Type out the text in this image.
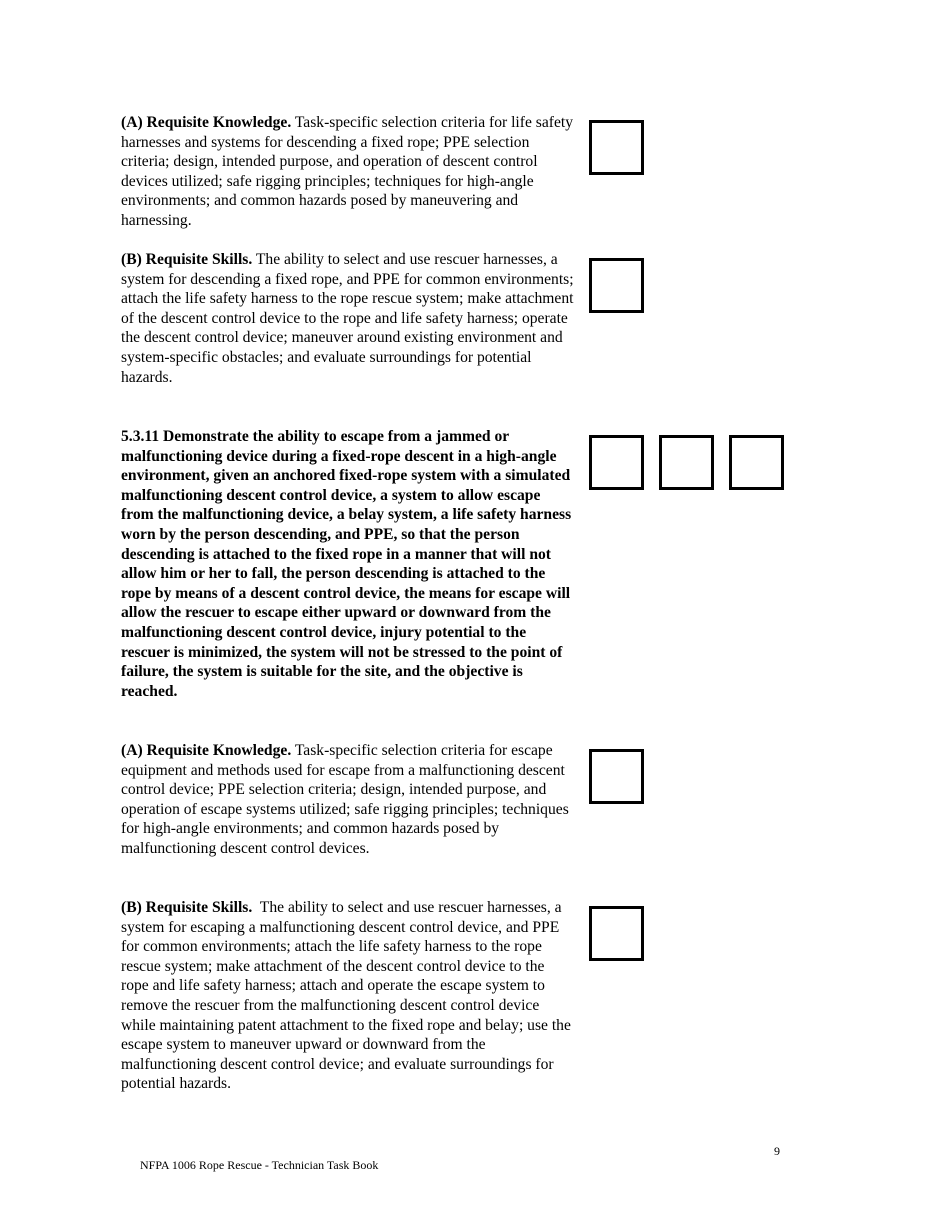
(A) Requisite Knowledge. Task-specific selection criteria for life safety harnesses and systems for descending a fixed rope; PPE selection criteria; design, intended purpose, and operation of descent control devices utilized; safe rigging principles; techniques for high-angle environments; and common hazards posed by maneuvering and harnessing.
(B) Requisite Skills. The ability to select and use rescuer harnesses, a system for descending a fixed rope, and PPE for common environments; attach the life safety harness to the rope rescue system; make attachment of the descent control device to the rope and life safety harness; operate the descent control device; maneuver around existing environment and system-specific obstacles; and evaluate surroundings for potential hazards.
5.3.11 Demonstrate the ability to escape from a jammed or malfunctioning device during a fixed-rope descent in a high-angle environment, given an anchored fixed-rope system with a simulated malfunctioning descent control device, a system to allow escape from the malfunctioning device, a belay system, a life safety harness worn by the person descending, and PPE, so that the person descending is attached to the fixed rope in a manner that will not allow him or her to fall, the person descending is attached to the rope by means of a descent control device, the means for escape will allow the rescuer to escape either upward or downward from the malfunctioning descent control device, injury potential to the rescuer is minimized, the system will not be stressed to the point of failure, the system is suitable for the site, and the objective is reached.
(A) Requisite Knowledge. Task-specific selection criteria for escape equipment and methods used for escape from a malfunctioning descent control device; PPE selection criteria; design, intended purpose, and operation of escape systems utilized; safe rigging principles; techniques for high-angle environments; and common hazards posed by malfunctioning descent control devices.
(B) Requisite Skills.  The ability to select and use rescuer harnesses, a system for escaping a malfunctioning descent control device, and PPE for common environments; attach the life safety harness to the rope rescue system; make attachment of the descent control device to the rope and life safety harness; attach and operate the escape system to remove the rescuer from the malfunctioning descent control device while maintaining patent attachment to the fixed rope and belay; use the escape system to maneuver upward or downward from the malfunctioning descent control device; and evaluate surroundings for potential hazards.
9
NFPA 1006 Rope Rescue - Technician Task Book
